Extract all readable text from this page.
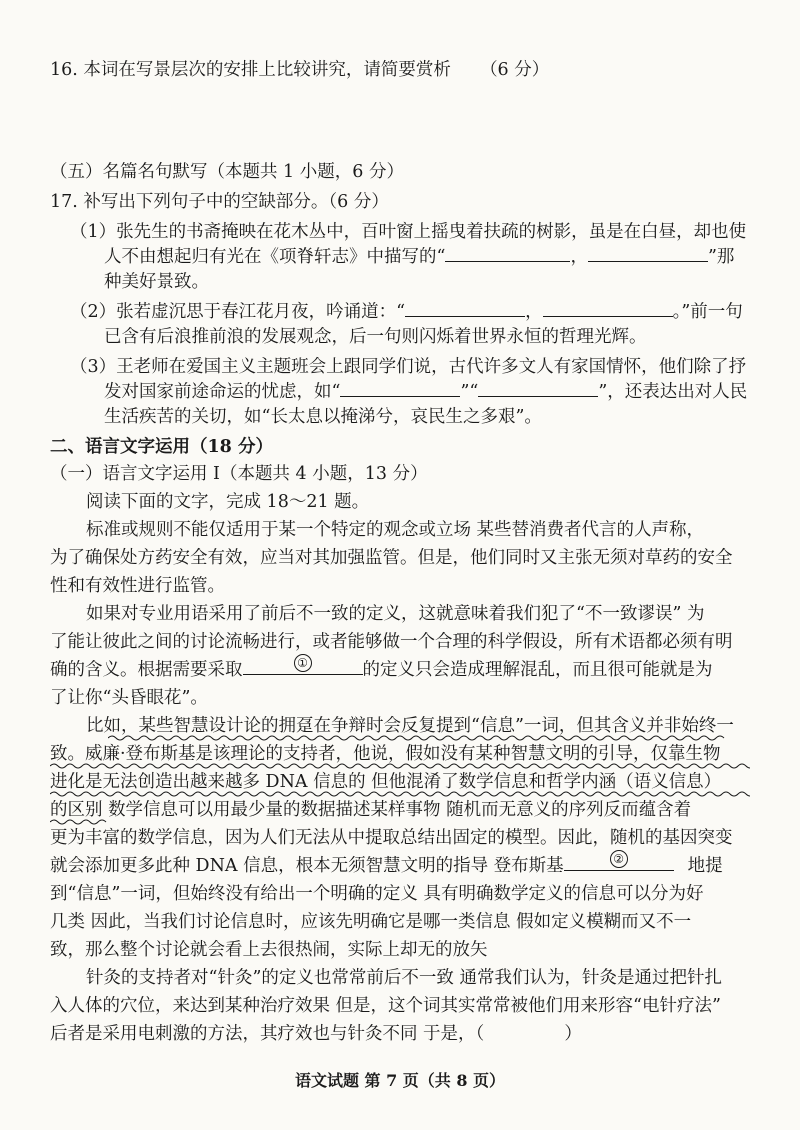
16. 本词在写景层次的安排上比较讲究，请简要赏析 （6 分）
（五）名篇名句默写（本题共 1 小题，6 分）
17. 补写出下列句子中的空缺部分。（6 分）
（1）张先生的书斋掩映在花木丛中，百叶窗上摇曳着扶疏的树影，虽是在白昼，却也使
人不由想起归有光在《项脊轩志》中描写的“	，	”那
种美好景致。
（2）张若虚沉思于春江花月夜，吟诵道：“	，	。”前一句
已含有后浪推前浪的发展观念，后一句则闪烁着世界永恒的哲理光辉。
（3）王老师在爱国主义主题班会上跟同学们说，古代许多文人有家国情怀，他们除了抒
发对国家前途命运的忧虑，如“	”“	”，还表达出对人民
生活疾苦的关切，如“长太息以掩涕兮，哀民生之多艰”。
二、语言文字运用（18 分）
（一）语言文字运用 Ⅰ（本题共 4 小题，13 分）
阅读下面的文字，完成 18～21 题。
标准或规则不能仅适用于某一个特定的观念或立场 某些替消费者代言的人声称，
为了确保处方药安全有效，应当对其加强监管。但是，他们同时又主张无须对草药的安全
性和有效性进行监管。
如果对专业用语采用了前后不一致的定义，这就意味着我们犯了“不一致谬误” 为
了能让彼此之间的讨论流畅进行，或者能够做一个合理的科学假设，所有术语都必须有明
确的含义。根据需要采取	①	的定义只会造成理解混乱，而且很可能就是为
了让你“头昏眼花”。
比如，某些智慧设计论的拥趸在争辩时会反复提到“信息”一词，但其含义并非始终一
致。威廉·登布斯基是该理论的支持者，他说，假如没有某种智慧文明的引导，仅靠生物
进化是无法创造出越来越多 DNA 信息的 但他混淆了数学信息和哲学内涵（语义信息）
的区别 数学信息可以用最少量的数据描述某样事物 随机而无意义的序列反而蕴含着
更为丰富的数学信息，因为人们无法从中提取总结出固定的模型。因此，随机的基因突变
就会添加更多此种 DNA 信息，根本无须智慧文明的指导 登布斯基	②	地提
到“信息”一词，但始终没有给出一个明确的定义 具有明确数学定义的信息可以分为好
几类 因此，当我们讨论信息时，应该先明确它是哪一类信息 假如定义模糊而又不一
致，那么整个讨论就会看上去很热闹，实际上却无的放矢
针灸的支持者对“针灸”的定义也常常前后不一致 通常我们认为，针灸是通过把针扎
入人体的穴位，来达到某种治疗效果 但是，这个词其实常常被他们用来形容“电针疗法”
后者是采用电刺激的方法，其疗效也与针灸不同 于是，（	）
语文试题 第 7 页（共 8 页）
